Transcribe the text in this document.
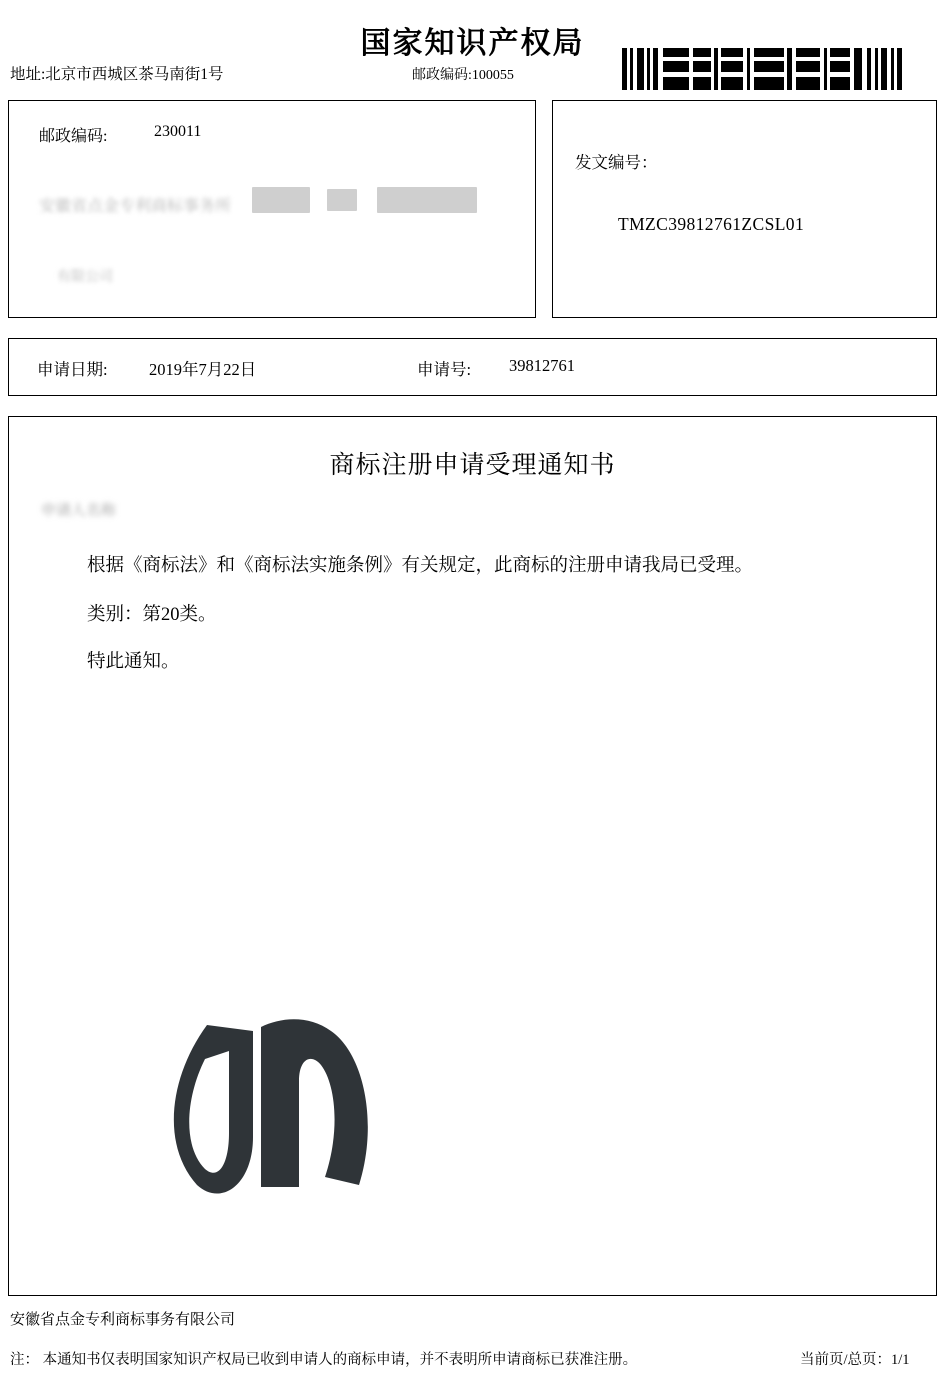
国家知识产权局
地址:北京市西城区茶马南街1号	邮政编码:100055
邮政编码:	230011
安徽省点金专利商标事务所
有限公司
发文编号：
TMZC39812761ZCSL01
申请日期:	2019年7月22日	申请号: 39812761
商标注册申请受理通知书
申请人名称
根据《商标法》和《商标法实施条例》有关规定，此商标的注册申请我局已受理。
类别：第20类。
特此通知。
安徽省点金专利商标事务有限公司
注： 本通知书仅表明国家知识产权局已收到申请人的商标申请，并不表明所申请商标已获准注册。	当前页/总页：1/1
